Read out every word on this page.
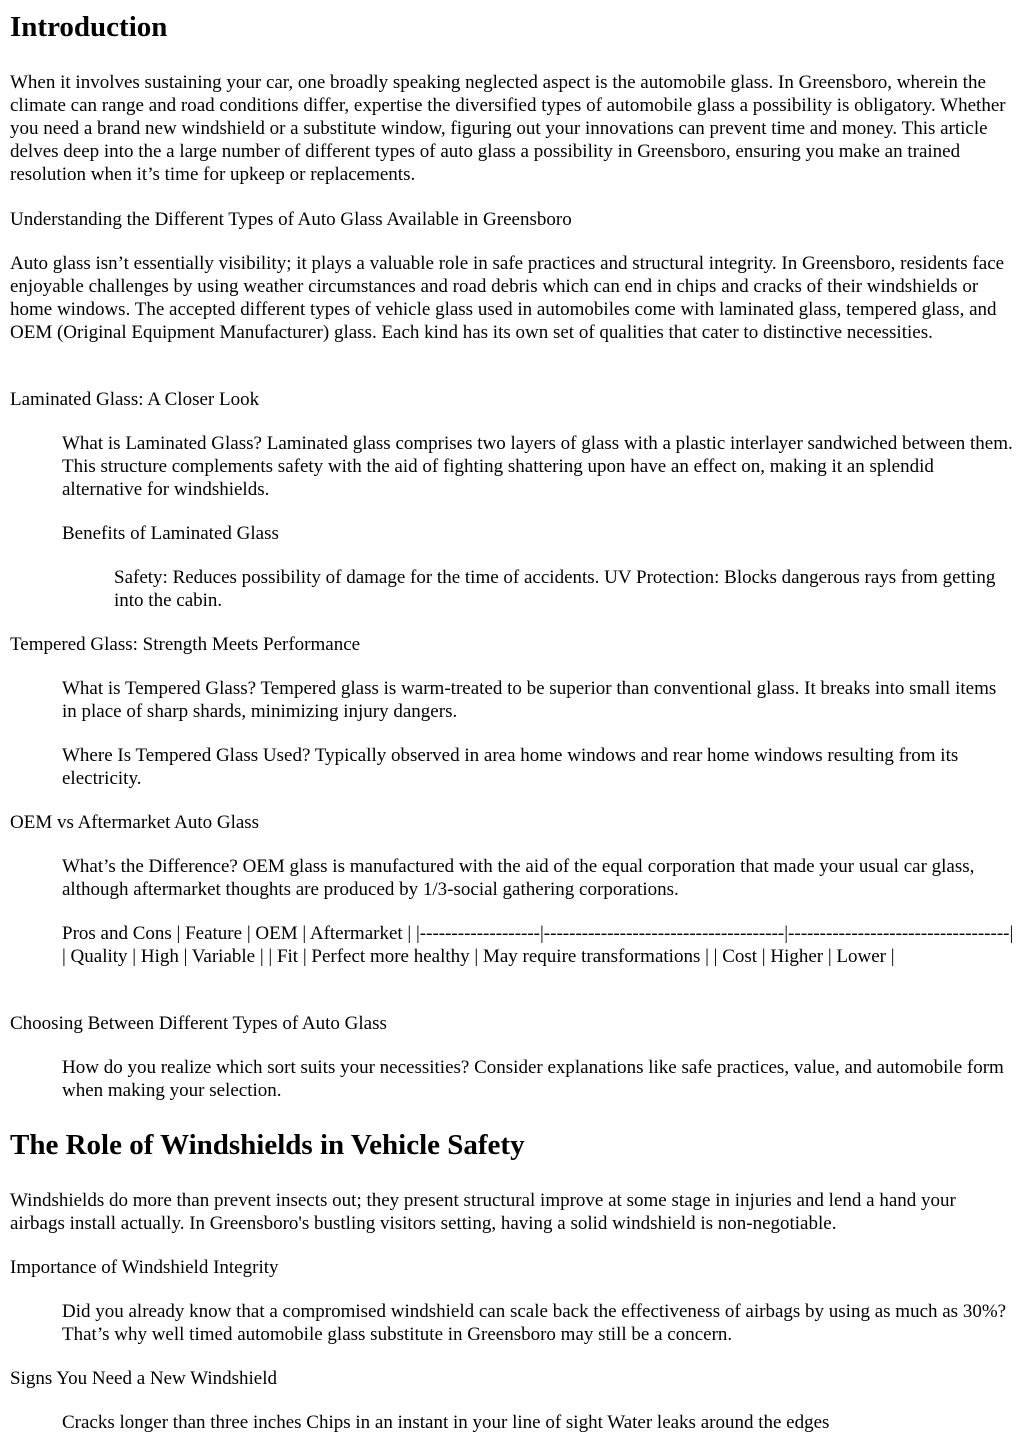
Introduction

When it involves sustaining your car, one broadly speaking neglected aspect is the automobile glass. In Greensboro, wherein the climate can range and road conditions differ, expertise the diversified types of automobile glass a possibility is obligatory. Whether you need a brand new windshield or a substitute window, figuring out your innovations can prevent time and money. This article delves deep into the a large number of different types of auto glass a possibility in Greensboro, ensuring you make an trained resolution when it’s time for upkeep or replacements.

Understanding the Different Types of Auto Glass Available in Greensboro

Auto glass isn’t essentially visibility; it plays a valuable role in safe practices and structural integrity. In Greensboro, residents face enjoyable challenges by using weather circumstances and road debris which can end in chips and cracks of their windshields or home windows. The accepted different types of vehicle glass used in automobiles come with laminated glass, tempered glass, and OEM (Original Equipment Manufacturer) glass. Each kind has its own set of qualities that cater to distinctive necessities.

Laminated Glass: A Closer Look

What is Laminated Glass? Laminated glass comprises two layers of glass with a plastic interlayer sandwiched between them. This structure complements safety with the aid of fighting shattering upon have an effect on, making it an splendid alternative for windshields.

Benefits of Laminated Glass

Safety: Reduces possibility of damage for the time of accidents. UV Protection: Blocks dangerous rays from getting into the cabin.

Tempered Glass: Strength Meets Performance

What is Tempered Glass? Tempered glass is warm-treated to be superior than conventional glass. It breaks into small items in place of sharp shards, minimizing injury dangers.

Where Is Tempered Glass Used? Typically observed in area home windows and rear home windows resulting from its electricity.

OEM vs Aftermarket Auto Glass

What’s the Difference? OEM glass is manufactured with the aid of the equal corporation that made your usual car glass, although aftermarket thoughts are produced by 1/3-social gathering corporations.

Pros and Cons | Feature | OEM | Aftermarket | |-------------------|--------------------------------------|-----------------------------------| | Quality | High | Variable | | Fit | Perfect more healthy | May require transformations | | Cost | Higher | Lower |

Choosing Between Different Types of Auto Glass

How do you realize which sort suits your necessities? Consider explanations like safe practices, value, and automobile form when making your selection.

The Role of Windshields in Vehicle Safety

Windshields do more than prevent insects out; they present structural improve at some stage in injuries and lend a hand your airbags install actually. In Greensboro's bustling visitors setting, having a solid windshield is non-negotiable.

Importance of Windshield Integrity

Did you already know that a compromised windshield can scale back the effectiveness of airbags by using as much as 30%? That’s why well timed automobile glass substitute in Greensboro may still be a concern.

Signs You Need a New Windshield

Cracks longer than three inches Chips in an instant in your line of sight Water leaks around the edges
